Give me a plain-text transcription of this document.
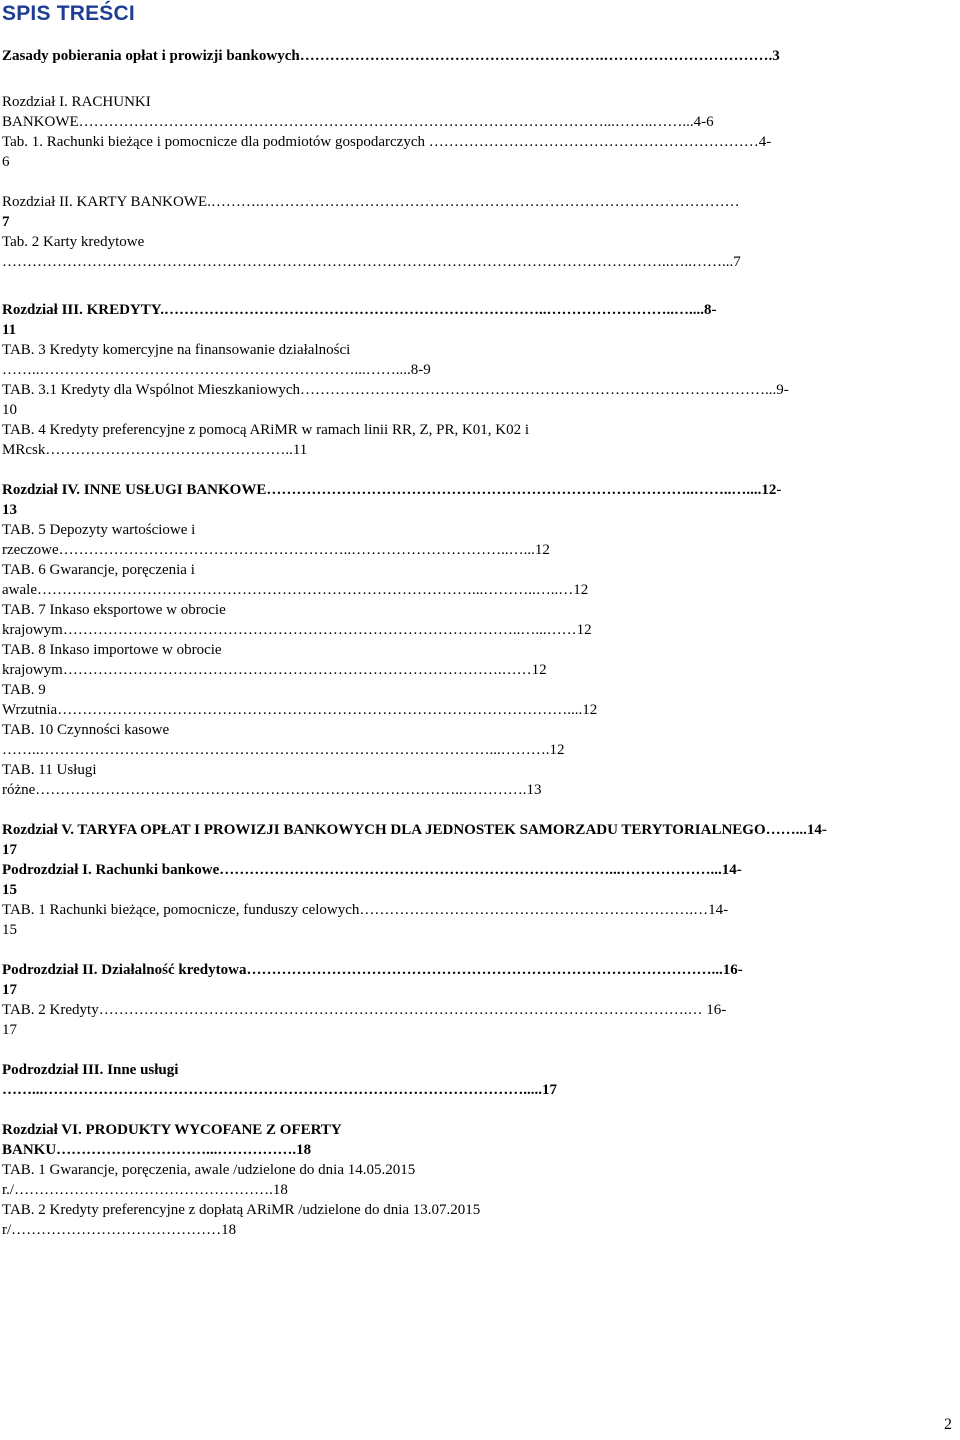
SPIS TREŚCI
Zasady pobierania opłat i prowizji bankowych…………………………………………………….…………………………….3
Rozdział I. RACHUNKI
BANKOWE……………………………………………………………………………………………...……..……...4-6
Tab. 1. Rachunki bieżące i pomocnicze dla podmiotów gospodarczych …………………………………………………………4-
6
Rozdział II. KARTY BANKOWE.……….……………………………………………………………………………………
7
Tab. 2 Karty kredytowe
……………………………………………………………………………………………………………………..…..……...7
Rozdział III. KREDYTY.…………………………………………………………………..……………………..…....8-
11
TAB. 3 Kredyty komercyjne na finansowanie działalności
……..………………………………………………………...……....8-9
TAB. 3.1 Kredyty dla Wspólnot Mieszkaniowych…………………………………………………………………………………...9-
10
TAB. 4 Kredyty preferencyjne z pomocą ARiMR w ramach linii RR, Z, PR, K01, K02 i
MRcsk…………………………………………..11
Rozdział IV. INNE USŁUGI BANKOWE…………………………………………………………………………..……..…....12-
13
TAB. 5 Depozyty wartościowe i
rzeczowe…………………………………………………..…………………………..…...12
TAB. 6 Gwarancje, poręczenia i
awale……………………………………………………………………………...………..…..…12
TAB. 7 Inkaso eksportowe w obrocie
krajowym………………………………………………………………………………..…...……12
TAB. 8 Inkaso importowe w obrocie
krajowym…………………………………………………………………………….……12
TAB. 9
Wrzutnia…………………………………………………………………………………………....12
TAB. 10 Czynności kasowe
……..………………………………………………………………………………...……….12
TAB. 11 Usługi
różne…………………………………………………………………………..………….13
Rozdział V. TARYFA OPŁAT I PROWIZJI BANKOWYCH DLA JEDNOSTEK SAMORZADU TERYTORIALNEGO……...14-
17
Podrozdział I. Rachunki bankowe……………………………………………………………………...………………...14-
15
TAB. 1 Rachunki bieżące, pomocnicze, funduszy celowych………………………………………………………….…14-
15
Podrozdział II. Działalność kredytowa…………………………………………………………………………………...16-
17
TAB. 2 Kredyty……………………………………………………………………………………………………….… 16-
17
Podrozdział III. Inne usługi
……...…………………………………………………………………………………….....17
Rozdział VI. PRODUKTY WYCOFANE Z OFERTY
BANKU…………………………...…………….18
TAB. 1 Gwarancje, poręczenia, awale /udzielone do dnia 14.05.2015
r./…………………………………………….18
TAB. 2 Kredyty preferencyjne z dopłatą ARiMR /udzielone do dnia 13.07.2015
r/……………………………………18
2
